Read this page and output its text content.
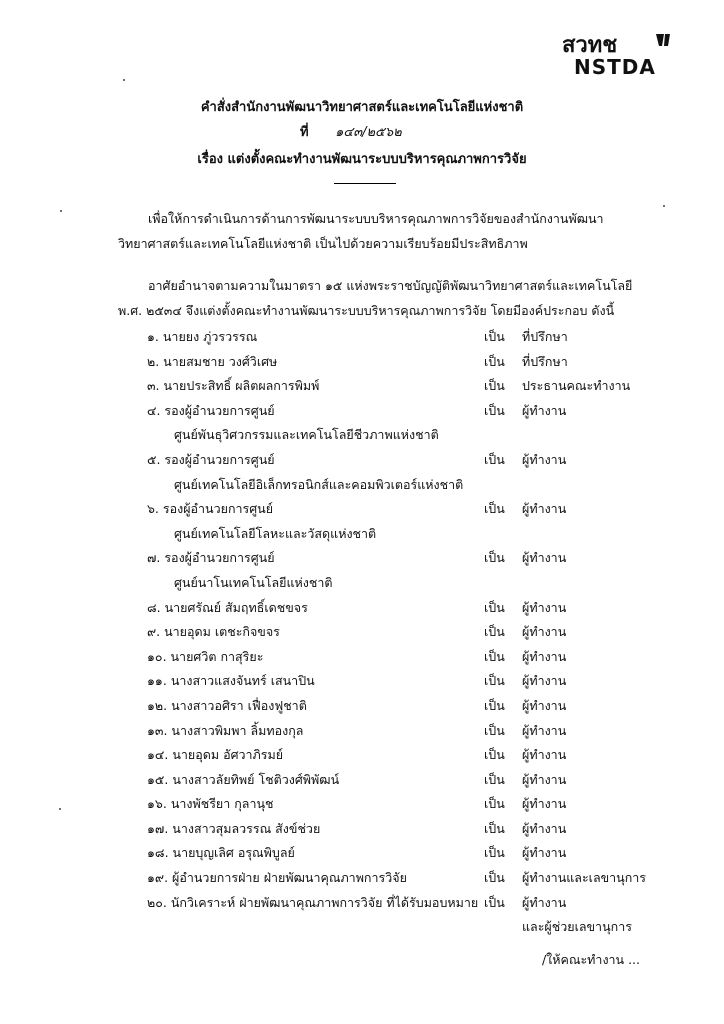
สวทช
NSTDA
คำสั่งสำนักงานพัฒนาวิทยาศาสตร์และเทคโนโลยีแห่งชาติ
ที่ ๑๔๓/๒๕๖๒
เรื่อง แต่งตั้งคณะทำงานพัฒนาระบบบริหารคุณภาพการวิจัย
เพื่อให้การดำเนินการด้านการพัฒนาระบบบริหารคุณภาพการวิจัยของสำนักงานพัฒนาวิทยาศาสตร์และเทคโนโลยีแห่งชาติ เป็นไปด้วยความเรียบร้อยมีประสิทธิภาพ
อาศัยอำนาจตามความในมาตรา ๑๕ แห่งพระราชบัญญัติพัฒนาวิทยาศาสตร์และเทคโนโลยี พ.ศ. ๒๕๓๔ จึงแต่งตั้งคณะทำงานพัฒนาระบบบริหารคุณภาพการวิจัย โดยมีองค์ประกอบ ดังนี้
๑. นายยง ภู่วรวรรณ	เป็น ที่ปรึกษา
๒. นายสมชาย วงศ์วิเศษ	เป็น ที่ปรึกษา
๓. นายประสิทธิ์ ผลิตผลการพิมพ์	เป็น ประธานคณะทำงาน
๔. รองผู้อำนวยการศูนย์	เป็น ผู้ทำงาน
ศูนย์พันธุวิศวกรรมและเทคโนโลยีชีวภาพแห่งชาติ
๕. รองผู้อำนวยการศูนย์	เป็น ผู้ทำงาน
ศูนย์เทคโนโลยีอิเล็กทรอนิกส์และคอมพิวเตอร์แห่งชาติ
๖. รองผู้อำนวยการศูนย์	เป็น ผู้ทำงาน
ศูนย์เทคโนโลยีโลหะและวัสดุแห่งชาติ
๗. รองผู้อำนวยการศูนย์	เป็น ผู้ทำงาน
ศูนย์นาโนเทคโนโลยีแห่งชาติ
๘. นายศรัณย์ สัมฤทธิ์เดชขจร	เป็น ผู้ทำงาน
๙. นายอุดม เตชะกิจขจร	เป็น ผู้ทำงาน
๑๐. นายศวิต กาสุริยะ	เป็น ผู้ทำงาน
๑๑. นางสาวแสงจันทร์ เสนาปิน	เป็น ผู้ทำงาน
๑๒. นางสาวอศิรา เฟื่องฟูชาติ	เป็น ผู้ทำงาน
๑๓. นางสาวพิมพา ลิ้มทองกุล	เป็น ผู้ทำงาน
๑๔. นายอุดม อัศวาภิรมย์	เป็น ผู้ทำงาน
๑๕. นางสาวลัยทิพย์ โชติวงศ์พิพัฒน์	เป็น ผู้ทำงาน
๑๖. นางพัชรียา กุลานุช	เป็น ผู้ทำงาน
๑๗. นางสาวสุมลวรรณ สังข์ช่วย	เป็น ผู้ทำงาน
๑๘. นายบุญเลิศ อรุณพิบูลย์	เป็น ผู้ทำงาน
๑๙. ผู้อำนวยการฝ่าย ฝ่ายพัฒนาคุณภาพการวิจัย	เป็น ผู้ทำงานและเลขานุการ
๒๐. นักวิเคราะห์ ฝ่ายพัฒนาคุณภาพการวิจัย ที่ได้รับมอบหมาย เป็น ผู้ทำงาน
และผู้ช่วยเลขานุการ
/ให้คณะทำงาน ...
